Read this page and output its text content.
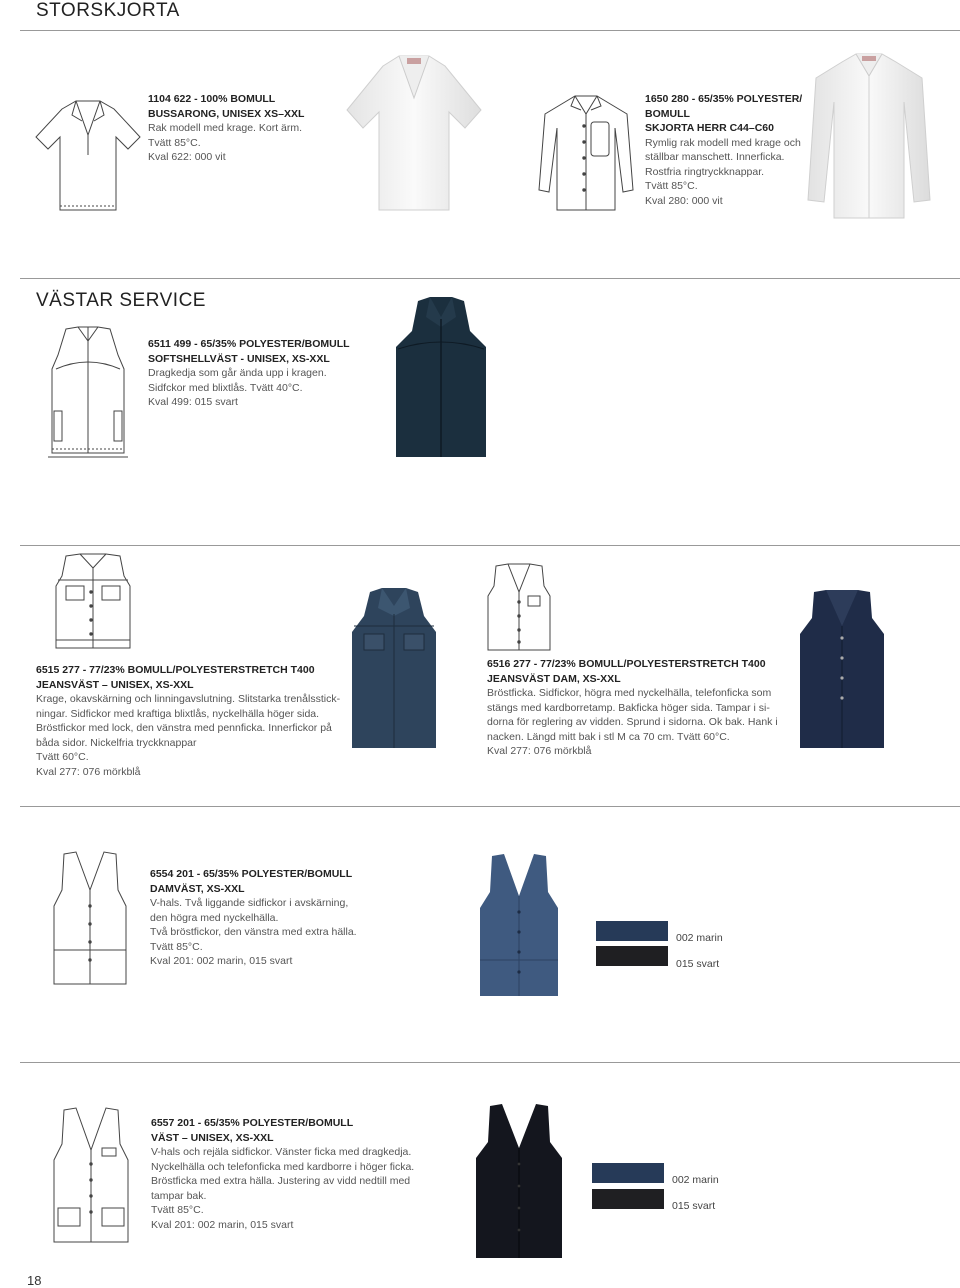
STORSKJORTA
1104 622 - 100% BOMULL
BUSSARONG, UNISEX XS–XXL
Rak modell med krage. Kort ärm.
Tvätt 85°C.
Kval 622: 000 vit
1650 280 - 65/35% POLYESTER/
BOMULL
SKJORTA HERR C44–C60
Rymlig rak modell med krage och
ställbar manschett. Innerficka.
Rostfria ringtryckknappar.
Tvätt 85°C.
Kval 280: 000 vit
VÄSTAR SERVICE
6511 499 - 65/35% POLYESTER/BOMULL
SOFTSHELLVÄST - UNISEX, XS-XXL
Dragkedja som går ända upp i kragen.
Sidfckor med blixtlås. Tvätt 40°C.
Kval 499: 015 svart
6515 277 - 77/23% BOMULL/POLYESTERSTRETCH T400
JEANSVÄST – UNISEX, XS-XXL
Krage, okavskärning och linningavslutning. Slitstarka trenålsstick-
ningar. Sidfickor med kraftiga blixtlås, nyckelhälla höger sida.
Bröstfickor med lock, den vänstra med pennficka. Innerfickor på
båda sidor. Nickelfria tryckknappar
Tvätt 60°C.
Kval 277: 076 mörkblå
6516 277 - 77/23% BOMULL/POLYESTERSTRETCH T400
JEANSVÄST DAM, XS-XXL
Bröstficka. Sidfickor, högra med nyckelhälla, telefonficka som
stängs med kardborretamp. Bakficka höger sida. Tampar i si-
dorna för reglering av vidden. Sprund i sidorna. Ok bak. Hank i
nacken. Längd mitt bak i stl M ca 70 cm. Tvätt 60°C.
Kval 277: 076 mörkblå
6554 201 - 65/35% POLYESTER/BOMULL
DAMVÄST, XS-XXL
V-hals. Två liggande sidfickor i avskärning,
den högra med nyckelhälla.
Två bröstfickor, den vänstra med extra hälla.
Tvätt 85°C.
Kval 201: 002 marin, 015 svart
002 marin
015 svart
6557 201 - 65/35% POLYESTER/BOMULL
VÄST – UNISEX, XS-XXL
V-hals och rejäla sidfickor. Vänster ficka med dragkedja.
Nyckelhälla och telefonficka med kardborre i höger ficka.
Bröstficka med extra hälla. Justering av vidd nedtill med
tampar bak.
Tvätt 85°C.
Kval 201: 002 marin, 015 svart
002 marin
015 svart
18
